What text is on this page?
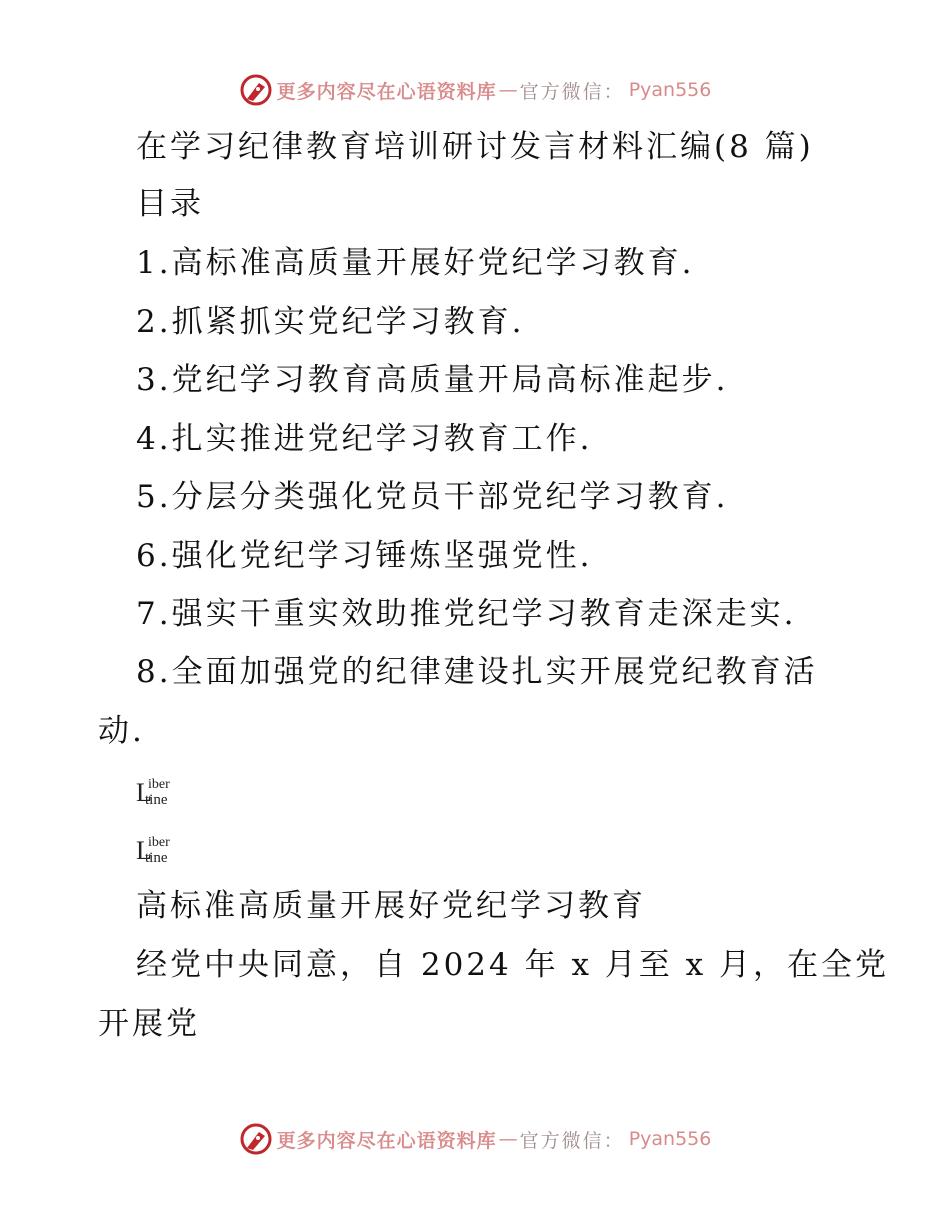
更多内容尽在心语资料库 — 官方微信 ： Pyan556
在学习纪律教育培训研讨发言材料汇编(8 篇)
目录
1.高标准高质量开展好党纪学习教育.
2.抓紧抓实党纪学习教育.
3.党纪学习教育高质量开局高标准起步.
4.扎实推进党纪学习教育工作.
5.分层分类强化党员干部党纪学习教育.
6.强化党纪学习锤炼坚强党性.
7.强实干重实效助推党纪学习教育走深走实.
8.全面加强党的纪律建设扎实开展党纪教育活
动.
L
iber
tine
L
iber
tine
高标准高质量开展好党纪学习教育
经党中央同意，自 2024 年 x 月至 x 月，在全党
开展党
更多内容尽在心语资料库 — 官方微信 ： Pyan556
